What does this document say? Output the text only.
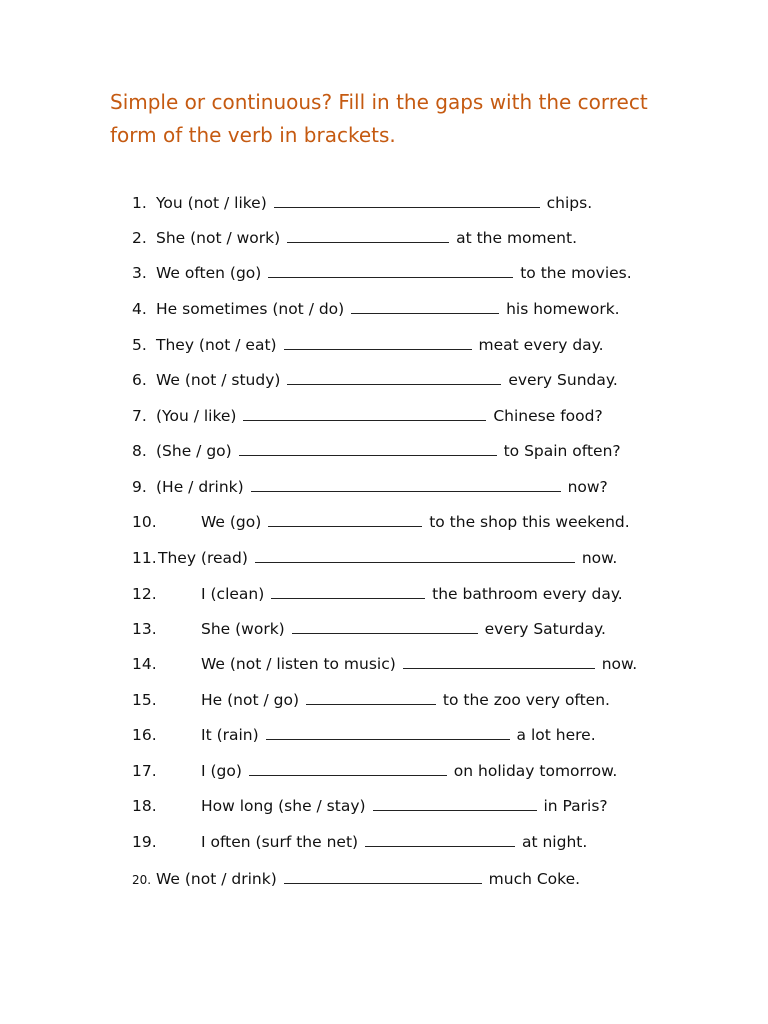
Simple or continuous? Fill in the gaps with the correct form of the verb in brackets.

1. You (not / like)	chips.
2. She (not / work)	at the moment.
3. We often (go)	to the movies.
4. He sometimes (not / do)	his homework.
5. They (not / eat)	meat every day.
6. We (not / study)	every Sunday.
7. (You / like)	Chinese food?
8. (She / go)	to Spain often?
9. (He / drink)	now?
10.	We (go)	to the shop this weekend.
11. They (read)	now.
12.	I (clean)	the bathroom every day.
13.	She (work)	every Saturday.
14.	We (not / listen to music)	now.
15.	He (not / go)	to the zoo very often.
16.	It (rain)	a lot here.
17.	I (go)	on holiday tomorrow.
18.	How long (she / stay)	in Paris?
19.	I often (surf the net)	at night.
20. We (not / drink)	much Coke.
